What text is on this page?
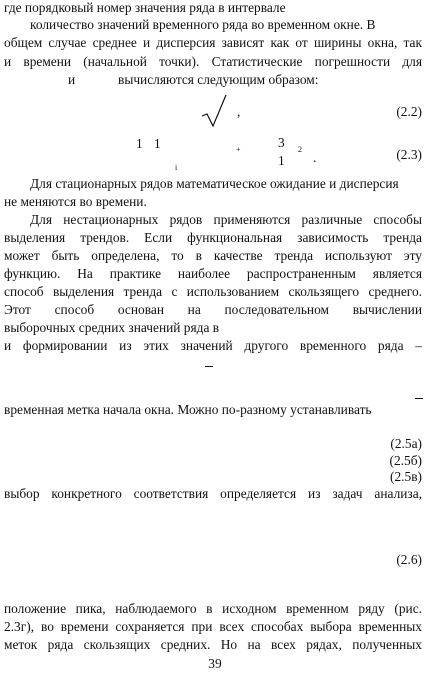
где порядковый номер значения ряда в интервале
количество значений временного ряда во временном окне. В
общем случае среднее и дисперсия зависят как от ширины окна, так
и времени (начальной точки). Статистические погрешности для
и	вычисляются следующим образом:
,	(2.2)
1 1	+	3 2
1 .
i
(2.3)
Для стационарных рядов математическое ожидание и дисперсия
не меняются во времени.
Для нестационарных рядов применяются различные способы
выделения трендов. Если функциональная зависимость тренда
может быть определена, то в качестве тренда используют эту
функцию. На практике наиболее распространенным является
способ выделения тренда с использованием скользящего среднего.
Этот способ основан на последовательном вычислении
выборочных средних значений ряда в
и формировании из этих значений другого временного ряда –
временная метка начала окна. Можно по-разному устанавливать
(2.5а)
(2.5б)
(2.5в)
выбор конкретного соответствия определяется из задач анализа,
(2.6)
положение пика, наблюдаемого в исходном временном ряду (рис.
2.3г), во времени сохраняется при всех способах выбора временных
меток ряда скользящих средних. Но на всех рядах, полученных
39
